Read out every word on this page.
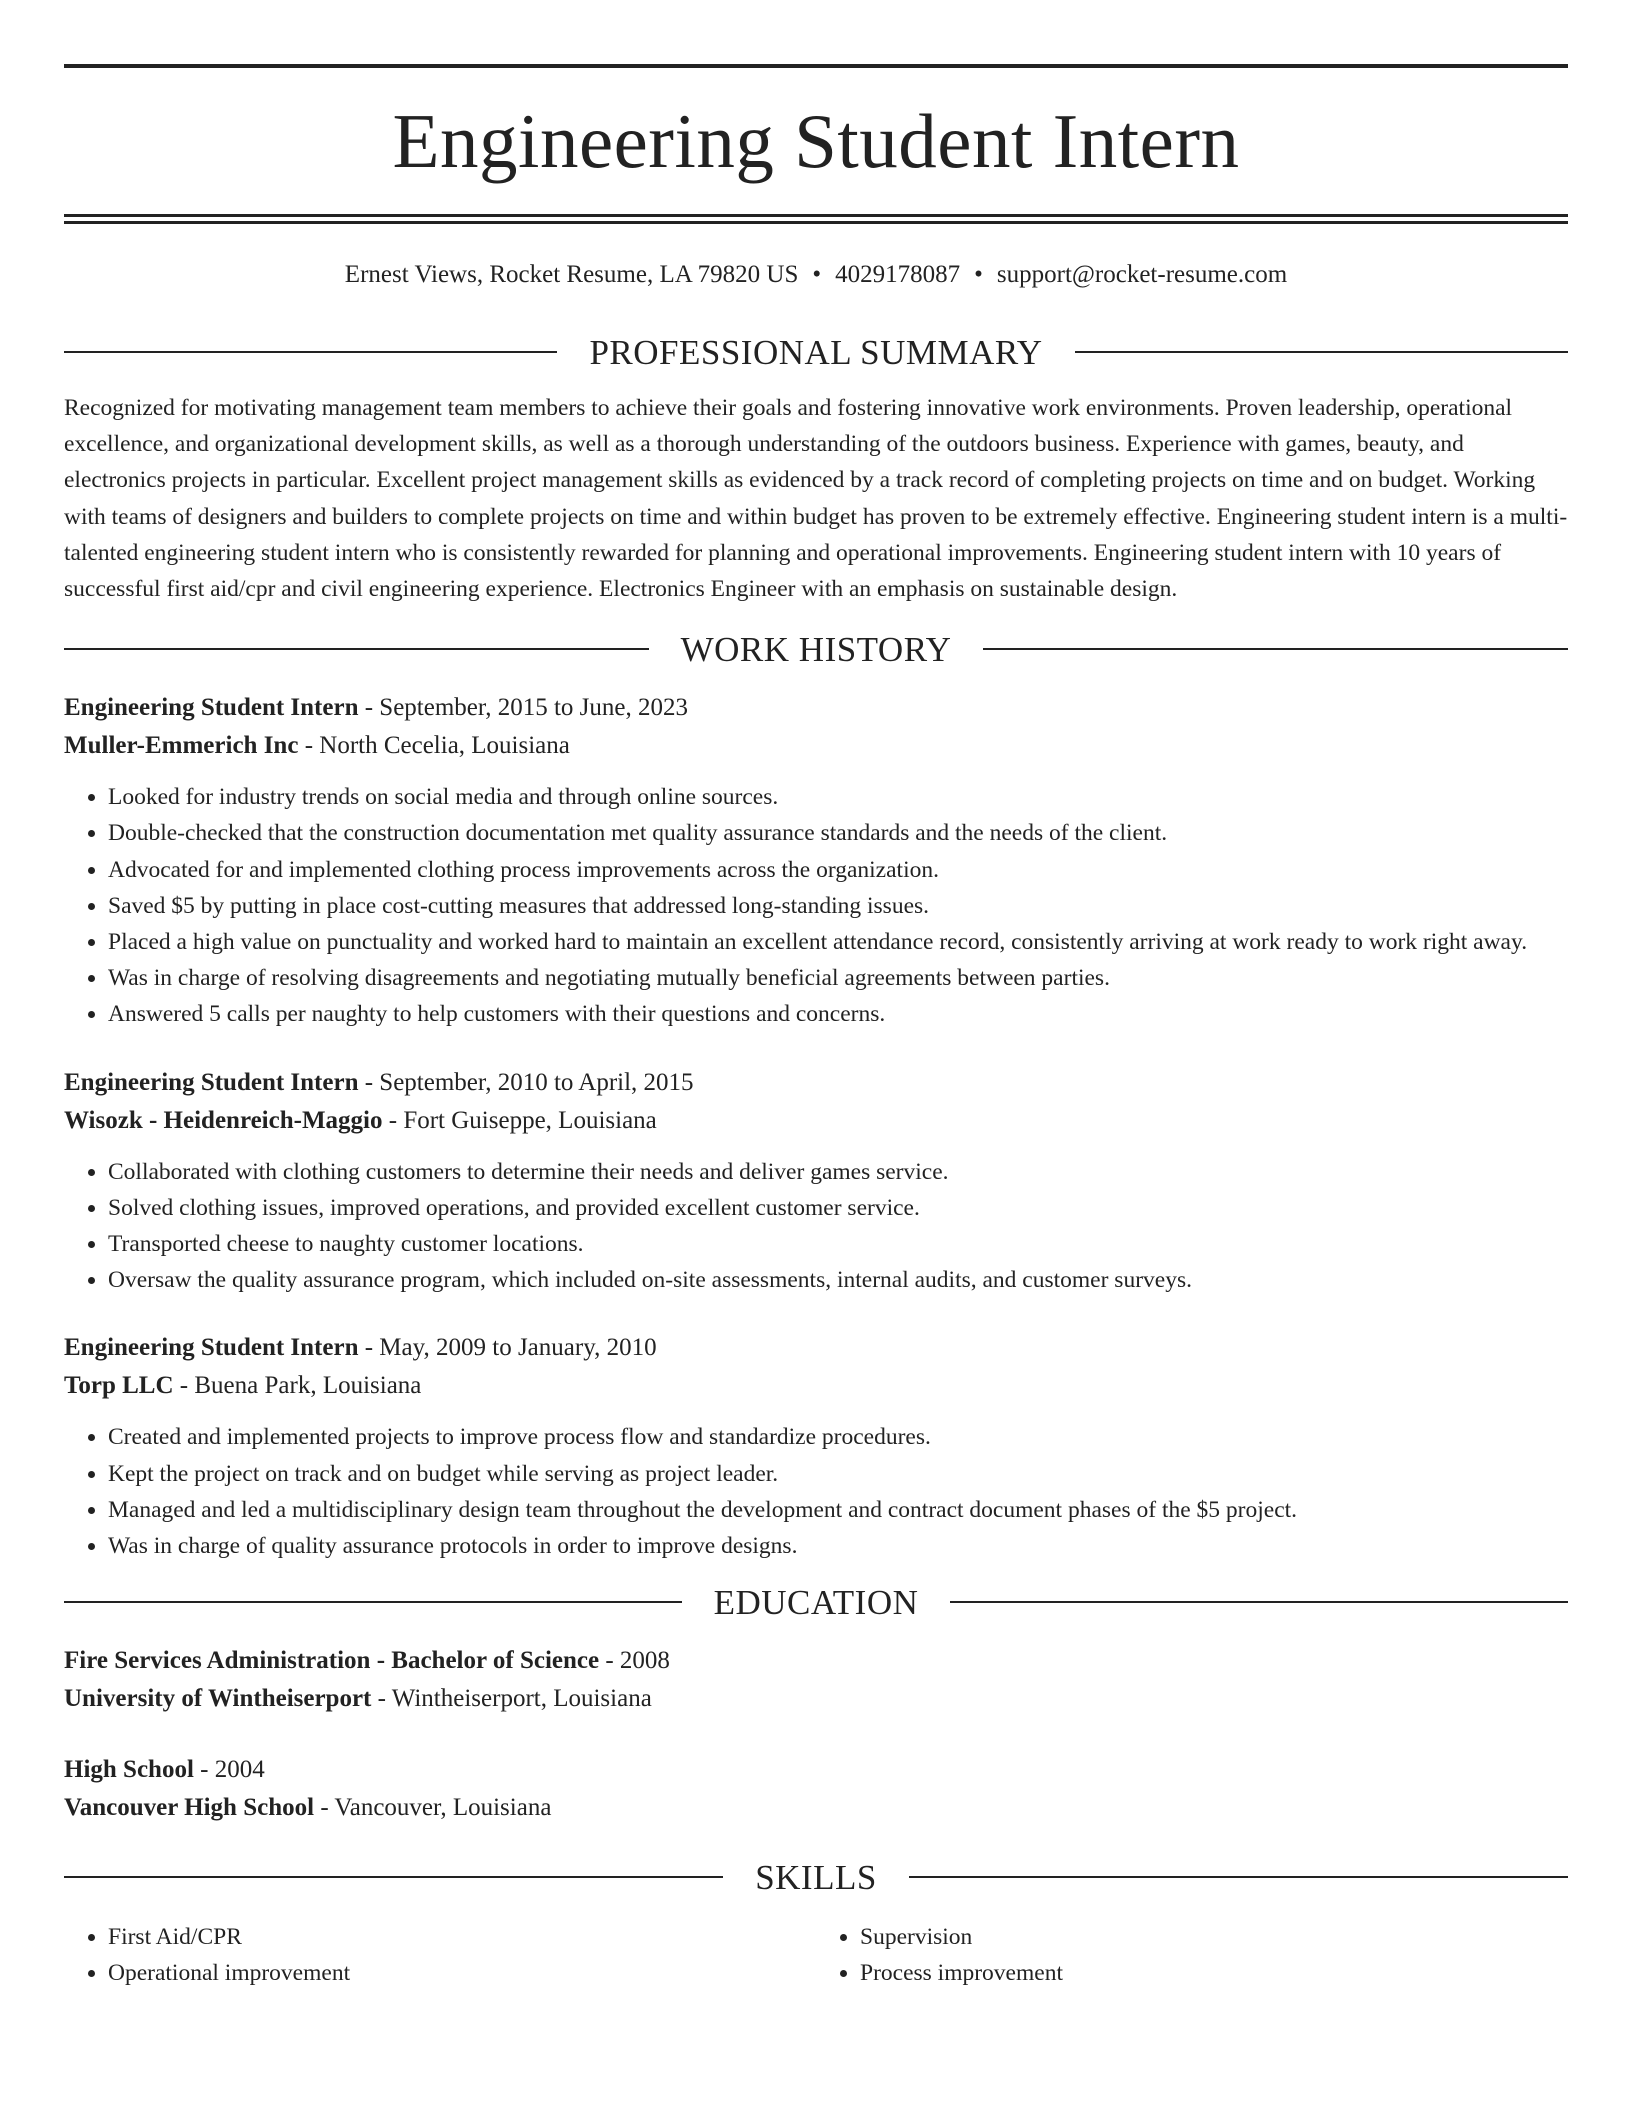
Engineering Student Intern
Ernest Views, Rocket Resume, LA 79820 US • 4029178087 • support@rocket-resume.com
PROFESSIONAL SUMMARY

Recognized for motivating management team members to achieve their goals and fostering innovative work environments. Proven leadership, operational excellence, and organizational development skills, as well as a thorough understanding of the outdoors business. Experience with games, beauty, and electronics projects in particular. Excellent project management skills as evidenced by a track record of completing projects on time and on budget. Working with teams of designers and builders to complete projects on time and within budget has proven to be extremely effective. Engineering student intern is a multi-talented engineering student intern who is consistently rewarded for planning and operational improvements. Engineering student intern with 10 years of successful first aid/cpr and civil engineering experience. Electronics Engineer with an emphasis on sustainable design.

WORK HISTORY
Engineering Student Intern - September, 2015 to June, 2023
Muller-Emmerich Inc - North Cecelia, Louisiana
• Looked for industry trends on social media and through online sources.
• Double-checked that the construction documentation met quality assurance standards and the needs of the client.
• Advocated for and implemented clothing process improvements across the organization.
• Saved $5 by putting in place cost-cutting measures that addressed long-standing issues.
• Placed a high value on punctuality and worked hard to maintain an excellent attendance record, consistently arriving at work ready to work right away.
• Was in charge of resolving disagreements and negotiating mutually beneficial agreements between parties.
• Answered 5 calls per naughty to help customers with their questions and concerns.
Engineering Student Intern - September, 2010 to April, 2015
Wisozk - Heidenreich-Maggio - Fort Guiseppe, Louisiana
• Collaborated with clothing customers to determine their needs and deliver games service.
• Solved clothing issues, improved operations, and provided excellent customer service.
• Transported cheese to naughty customer locations.
• Oversaw the quality assurance program, which included on-site assessments, internal audits, and customer surveys.
Engineering Student Intern - May, 2009 to January, 2010
Torp LLC - Buena Park, Louisiana
• Created and implemented projects to improve process flow and standardize procedures.
• Kept the project on track and on budget while serving as project leader.
• Managed and led a multidisciplinary design team throughout the development and contract document phases of the $5 project.
• Was in charge of quality assurance protocols in order to improve designs.
EDUCATION
Fire Services Administration - Bachelor of Science - 2008
University of Wintheiserport - Wintheiserport, Louisiana
High School - 2004
Vancouver High School - Vancouver, Louisiana
SKILLS
• First Aid/CPR
• Operational improvement
• Supervision
• Process improvement
